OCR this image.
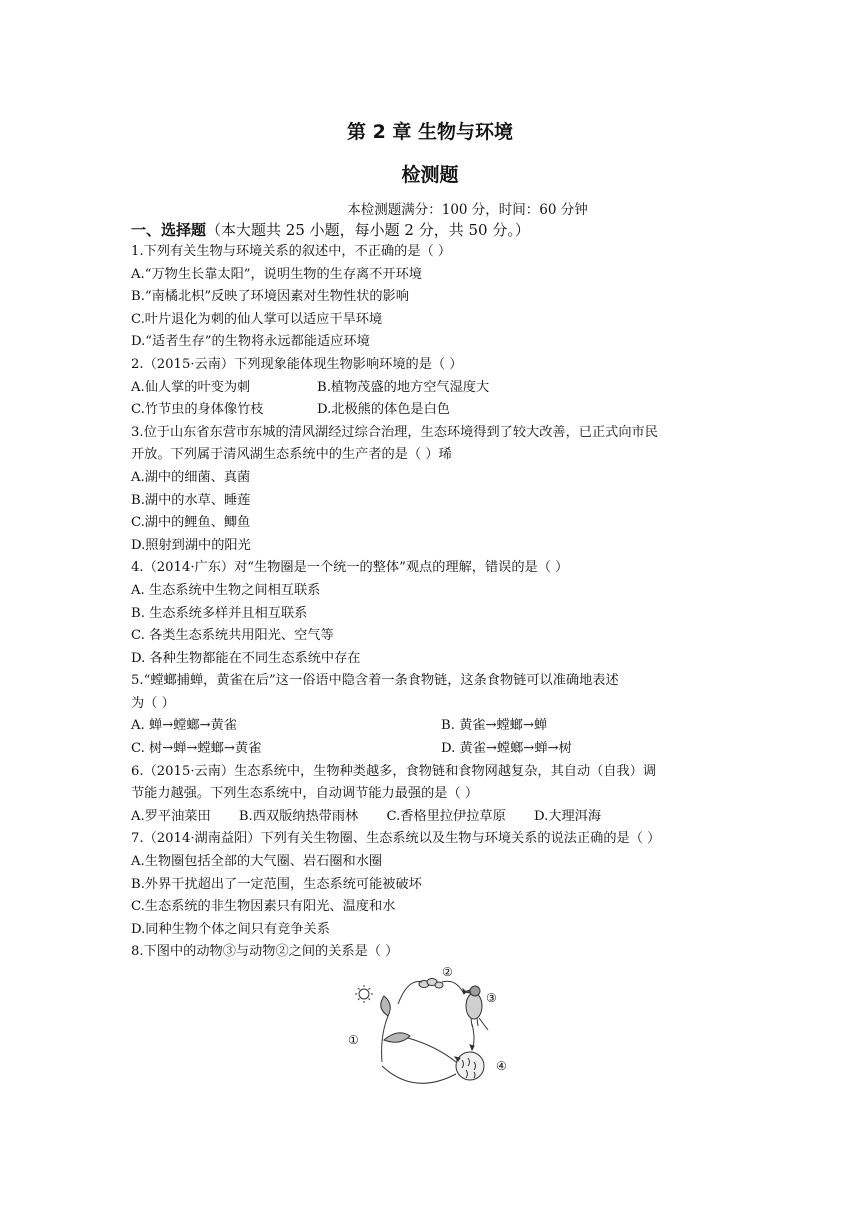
第 2 章 生物与环境
检测题
本检测题满分：100 分，时间：60 分钟
一、选择题（本大题共 25 小题，每小题 2 分，共 50 分。）
1.下列有关生物与环境关系的叙述中，不正确的是（ ）
A.“万物生长靠太阳”，说明生物的生存离不开环境
B.“南橘北枳”反映了环境因素对生物性状的影响
C.叶片退化为刺的仙人掌可以适应干旱环境
D.“适者生存”的生物将永远都能适应环境
2.（2015·云南）下列现象能体现生物影响环境的是（ ）
A.仙人掌的叶变为刺	B.植物茂盛的地方空气湿度大
C.竹节虫的身体像竹枝	D.北极熊的体色是白色
3.位于山东省东营市东城的清风湖经过综合治理，生态环境得到了较大改善，已正式向市民
开放。下列属于清风湖生态系统中的生产者的是（ ）琋
A.湖中的细菌、真菌
B.湖中的水草、睡莲
C.湖中的鲤鱼、鲫鱼
D.照射到湖中的阳光
4.（2014·广东）对“生物圈是一个统一的整体”观点的理解，错误的是（ ）
A. 生态系统中生物之间相互联系
B. 生态系统多样并且相互联系
C. 各类生态系统共用阳光、空气等
D. 各种生物都能在不同生态系统中存在
5.“螳螂捕蝉，黄雀在后”这一俗语中隐含着一条食物链，这条食物链可以准确地表述
为（ ）
A. 蝉→螳螂→黄雀	B. 黄雀→螳螂→蝉
C. 树→蝉→螳螂→黄雀	D. 黄雀→螳螂→蝉→树
6.（2015·云南）生态系统中，生物种类越多，食物链和食物网越复杂，其自动（自我）调
节能力越强。下列生态系统中，自动调节能力最强的是（ ）
A.罗平油菜田 B.西双版纳热带雨林 C.香格里拉伊拉草原 D.大理洱海
7.（2014·湖南益阳）下列有关生物圈、生态系统以及生物与环境关系的说法正确的是（ ）
A.生物圈包括全部的大气圈、岩石圈和水圈
B.外界干扰超出了一定范围，生态系统可能被破坏
C.生态系统的非生物因素只有阳光、温度和水
D.同种生物个体之间只有竞争关系
8.下图中的动物③与动物②之间的关系是（ ）
①
②
③
④
